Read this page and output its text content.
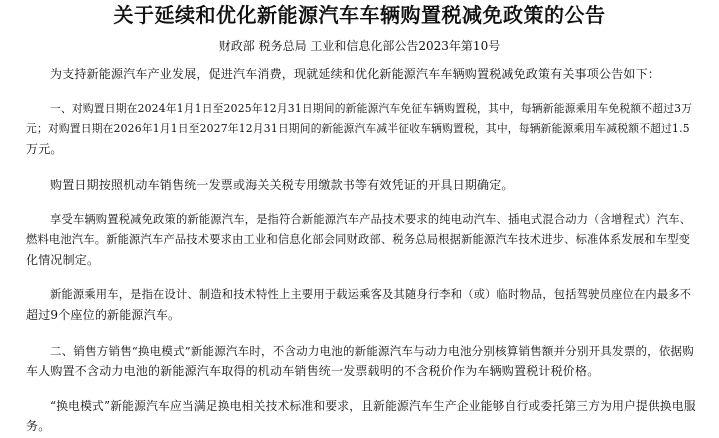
关于延续和优化新能源汽车车辆购置税减免政策的公告
财政部 税务总局 工业和信息化部公告2023年第10号
为支持新能源汽车产业发展，促进汽车消费，现就延续和优化新能源汽车车辆购置税减免政策有关事项公告如下：
一、对购置日期在2024年1月1日至2025年12月31日期间的新能源汽车免征车辆购置税，其中，每辆新能源乘用车免税额不超过3万
元；对购置日期在2026年1月1日至2027年12月31日期间的新能源汽车减半征收车辆购置税，其中，每辆新能源乘用车减税额不超过1.5
万元。
购置日期按照机动车销售统一发票或海关关税专用缴款书等有效凭证的开具日期确定。
享受车辆购置税减免政策的新能源汽车，是指符合新能源汽车产品技术要求的纯电动汽车、插电式混合动力（含增程式）汽车、
燃料电池汽车。新能源汽车产品技术要求由工业和信息化部会同财政部、税务总局根据新能源汽车技术进步、标准体系发展和车型变
化情况制定。
新能源乘用车，是指在设计、制造和技术特性上主要用于载运乘客及其随身行李和（或）临时物品，包括驾驶员座位在内最多不
超过9个座位的新能源汽车。
二、销售方销售“换电模式”新能源汽车时，不含动力电池的新能源汽车与动力电池分别核算销售额并分别开具发票的，依据购
车人购置不含动力电池的新能源汽车取得的机动车销售统一发票载明的不含税价作为车辆购置税计税价格。
“换电模式”新能源汽车应当满足换电相关技术标准和要求，且新能源汽车生产企业能够自行或委托第三方为用户提供换电服
务。
